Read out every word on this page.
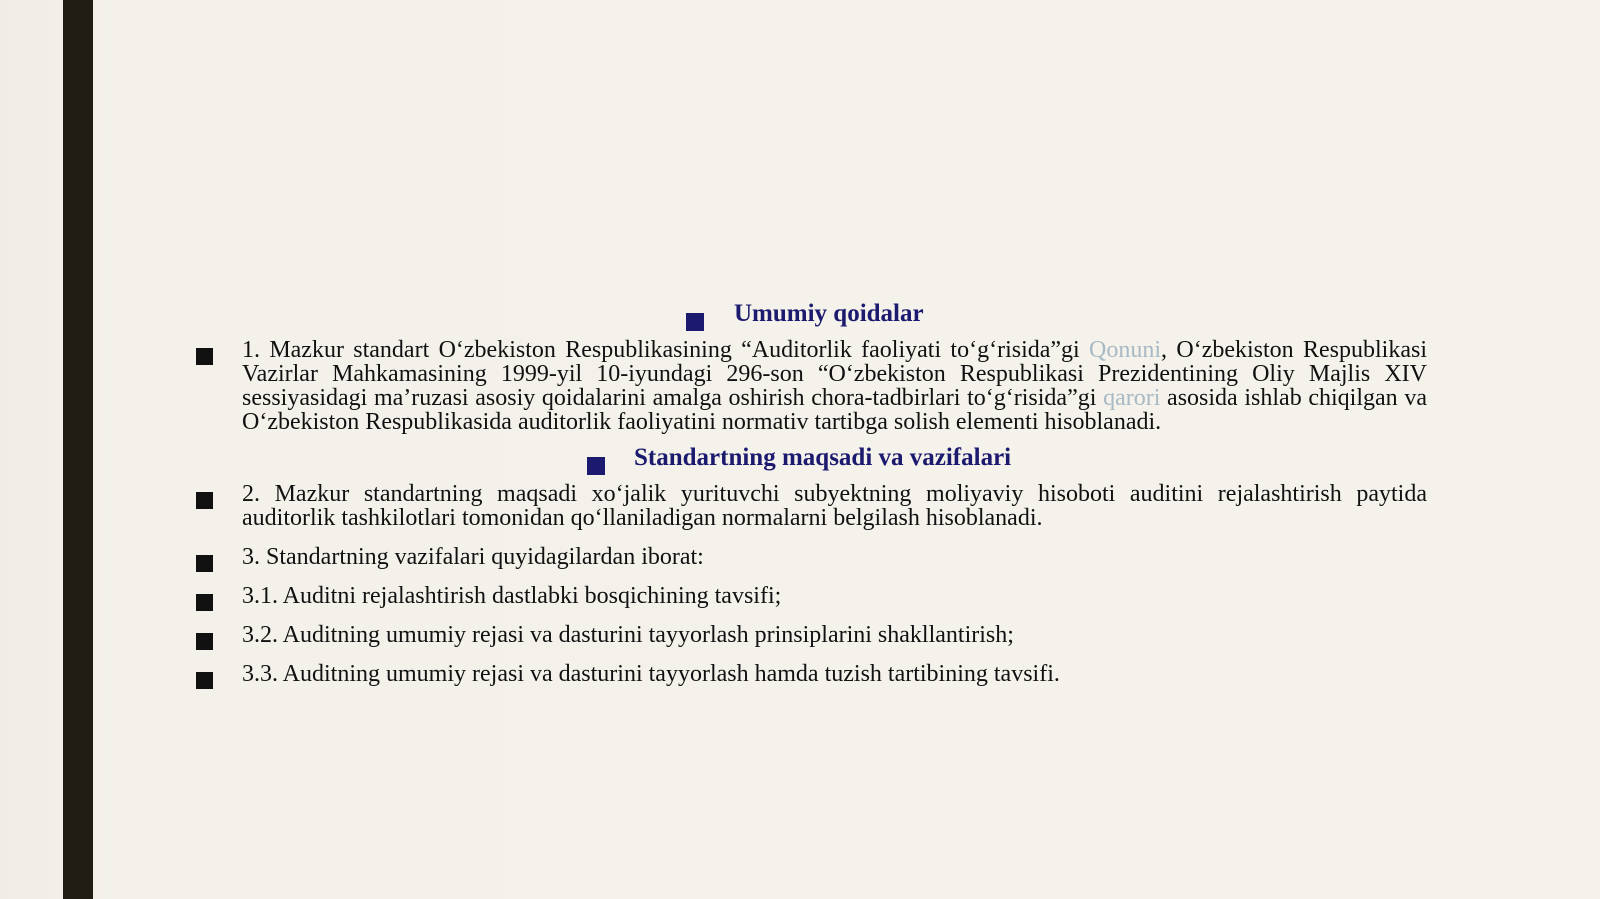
Umumiy qoidalar
1. Mazkur standart O‘zbekiston Respublikasining “Auditorlik faoliyati to‘g‘risida”gi Qonuni, O‘zbekiston Respublikasi Vazirlar Mahkamasining 1999-yil 10-iyundagi 296-son “O‘zbekiston Respublikasi Prezidentining Oliy Majlis XIV sessiyasidagi ma’ruzasi asosiy qoidalarini amalga oshirish chora-tadbirlari to‘g‘risida”gi qarori asosida ishlab chiqilgan va O‘zbekiston Respublikasida auditorlik faoliyatini normativ tartibga solish elementi hisoblanadi.
Standartning maqsadi va vazifalari
2. Mazkur standartning maqsadi xo‘jalik yurituvchi subyektning moliyaviy hisoboti auditini rejalashtirish paytida auditorlik tashkilotlari tomonidan qo‘llaniladigan normalarni belgilash hisoblanadi.
3. Standartning vazifalari quyidagilardan iborat:
3.1. Auditni rejalashtirish dastlabki bosqichining tavsifi;
3.2. Auditning umumiy rejasi va dasturini tayyorlash prinsiplarini shakllantirish;
3.3. Auditning umumiy rejasi va dasturini tayyorlash hamda tuzish tartibining tavsifi.
